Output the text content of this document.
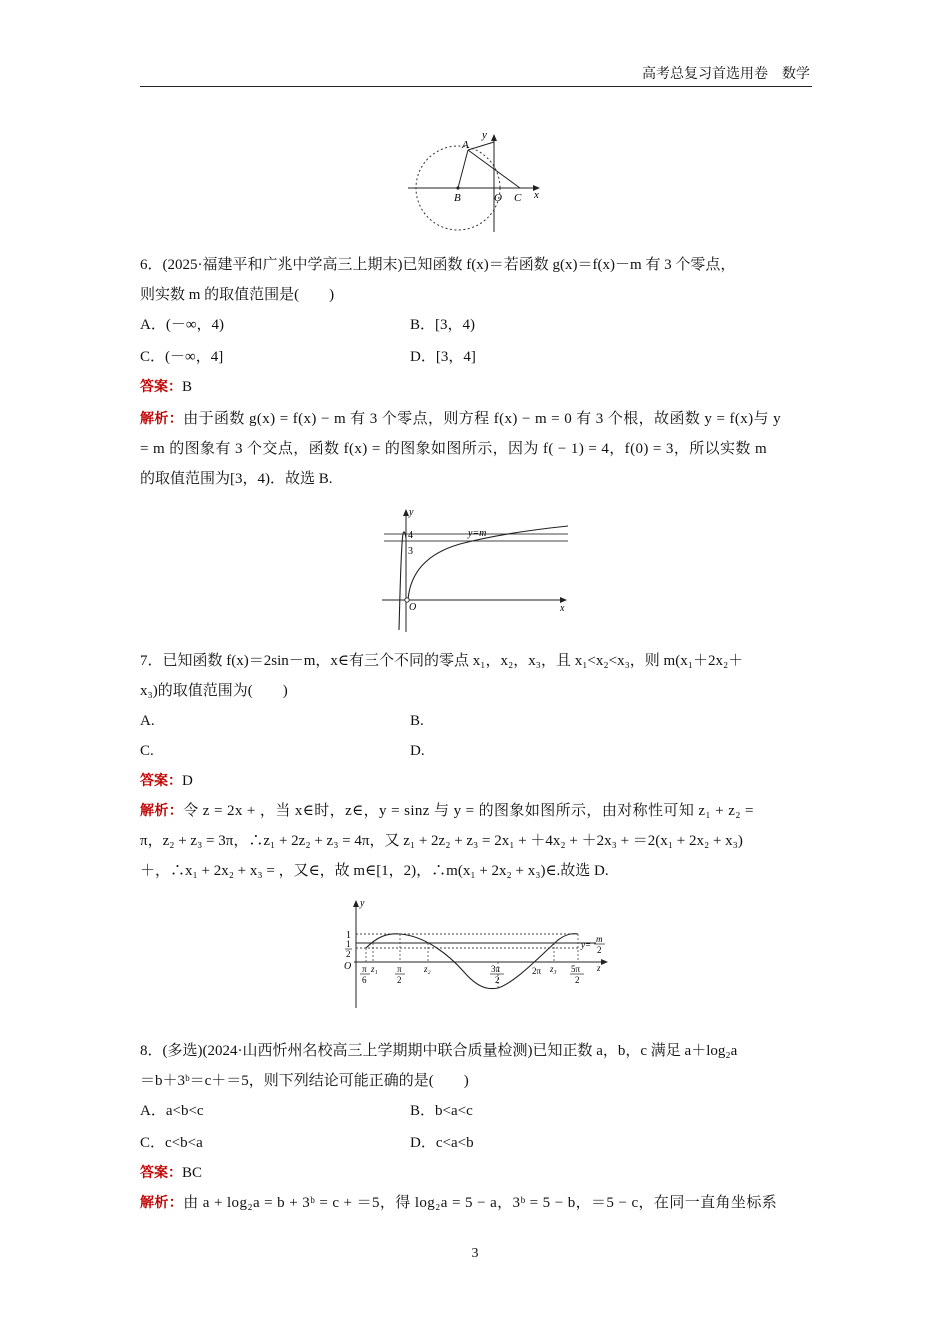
高考总复习首选用卷　数学
A
B	O C x
y
6．(2025·福建平和广兆中学高三上期末)已知函数 f(x)＝若函数 g(x)＝f(x)－m 有 3 个零点，
则实数 m 的取值范围是(　　)
A．(－∞，4)	B．[3，4)
C．(－∞，4]	D．[3，4]
答案：B
解析：由于函数 g(x) = f(x) − m 有 3 个零点，则方程 f(x) − m = 0 有 3 个根，故函数 y = f(x)与 y
= m 的图象有 3 个交点，函数 f(x) = 的图象如图所示，因为 f( − 1) = 4，f(0) = 3，所以实数 m
的取值范围为[3，4)．故选 B.
7．已知函数 f(x)＝2sin－m，x∈有三个不同的零点 x₁，x₂，x₃，且 x₁<x₂<x₃，则 m(x₁＋2x₂＋
x₃)的取值范围为(　　)
A.	B.
C.	D.
答案：D
解析：令 z = 2x + ，当 x∈时，z∈，y = sinz 与 y = 的图象如图所示，由对称性可知 z₁ + z₂ =
π，z₂ + z₃ = 3π，∴z₁ + 2z₂ + z₃ = 4π，又 z₁ + 2z₂ + z₃ = 2x₁ + ＋4x₂ + ＋2x₃ + ＝2(x₁ + 2x₂ + x₃)
＋，∴x₁ + 2x₂ + x₃ = ，又∈，故 m∈[1，2)，∴m(x₁ + 2x₂ + x₃)∈.故选 D.
8．(多选)(2024·山西忻州名校高三上学期期中联合质量检测)已知正数 a，b，c 满足 a＋log₂a
＝b＋3ᵇ＝c＋＝5，则下列结论可能正确的是(　　)
A．a<b<c	B．b<a<c
C．c<b<a	D．c<a<b
答案：BC
解析：由 a + log₂a = b + 3ᵇ = c + ＝5，得 log₂a = 5 − a，3ᵇ = 5 − b，＝5 − c，在同一直角坐标系
y
4
3
y=m
O	x
y
1
1
2
O π
6
z₁ π
2
z₂	3π
2
2π z₃ 5π
2
y=
m
2
z
3
